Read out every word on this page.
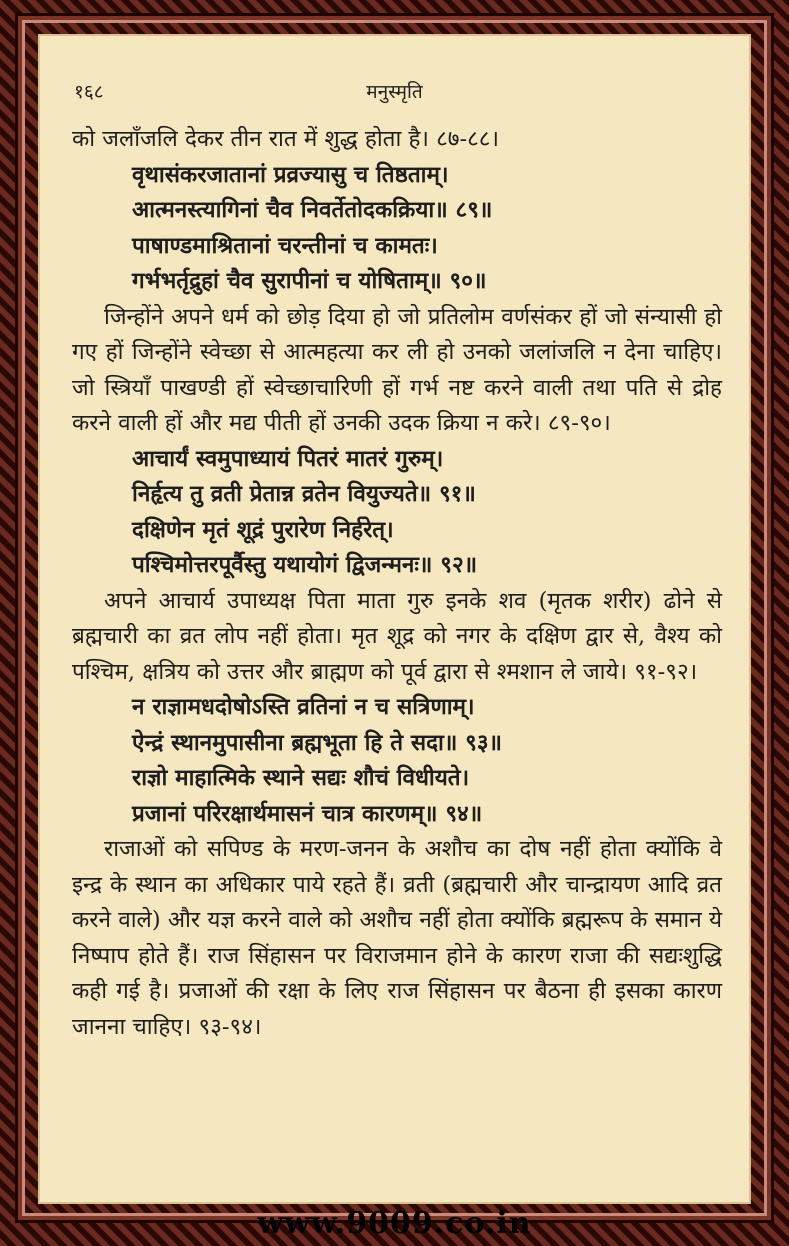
१६८	मनुस्मृति

को जलाँजलि देकर तीन रात में शुद्ध होता है। ८७-८८।

वृथासंकरजातानां प्रव्रज्यासु च तिष्ठताम्।
आत्मनस्त्यागिनां चैव निवर्तेतोदकक्रिया॥ ८९॥
पाषाण्डमाश्रितानां चरन्तीनां च कामतः।
गर्भभर्तृद्रुहां चैव सुरापीनां च योषिताम्॥ ९०॥

जिन्होंने अपने धर्म को छोड़ दिया हो जो प्रतिलोम वर्णसंकर हों जो संन्यासी हो गए हों जिन्होंने स्वेच्छा से आत्महत्या कर ली हो उनको जलांजलि न देना चाहिए। जो स्त्रियाँ पाखण्डी हों स्वेच्छाचारिणी हों गर्भ नष्ट करने वाली तथा पति से द्रोह करने वाली हों और मद्य पीती हों उनकी उदक क्रिया न करे। ८९-९०।

आचार्यं स्वमुपाध्यायं पितरं मातरं गुरुम्।
निर्हृत्य तु व्रती प्रेतान्न व्रतेन वियुज्यते॥ ९१॥
दक्षिणेन मृतं शूद्रं पुरारेण निर्हरेत्।
पश्चिमोत्तरपूर्वैस्तु यथायोगं द्विजन्मनः॥ ९२॥

अपने आचार्य उपाध्यक्ष पिता माता गुरु इनके शव (मृतक शरीर) ढोने से ब्रह्मचारी का व्रत लोप नहीं होता। मृत शूद्र को नगर के दक्षिण द्वार से, वैश्य को पश्चिम, क्षत्रिय को उत्तर और ब्राह्मण को पूर्व द्वारा से श्मशान ले जाये। ९१-९२।

न राज्ञामधदोषोऽस्ति व्रतिनां न च सत्रिणाम्।
ऐन्द्रं स्थानमुपासीना ब्रह्मभूता हि ते सदा॥ ९३॥
राज्ञो माहात्मिके स्थाने सद्यः शौचं विधीयते।
प्रजानां परिरक्षार्थमासनं चात्र कारणम्॥ ९४॥

राजाओं को सपिण्ड के मरण-जनन के अशौच का दोष नहीं होता क्योंकि वे इन्द्र के स्थान का अधिकार पाये रहते हैं। व्रती (ब्रह्मचारी और चान्द्रायण आदि व्रत करने वाले) और यज्ञ करने वाले को अशौच नहीं होता क्योंकि ब्रह्मरूप के समान ये निष्पाप होते हैं। राज सिंहासन पर विराजमान होने के कारण राजा की सद्यःशुद्धि कही गई है। प्रजाओं की रक्षा के लिए राज सिंहासन पर बैठना ही इसका कारण जानना चाहिए। ९३-९४।

www.9009.co.in
